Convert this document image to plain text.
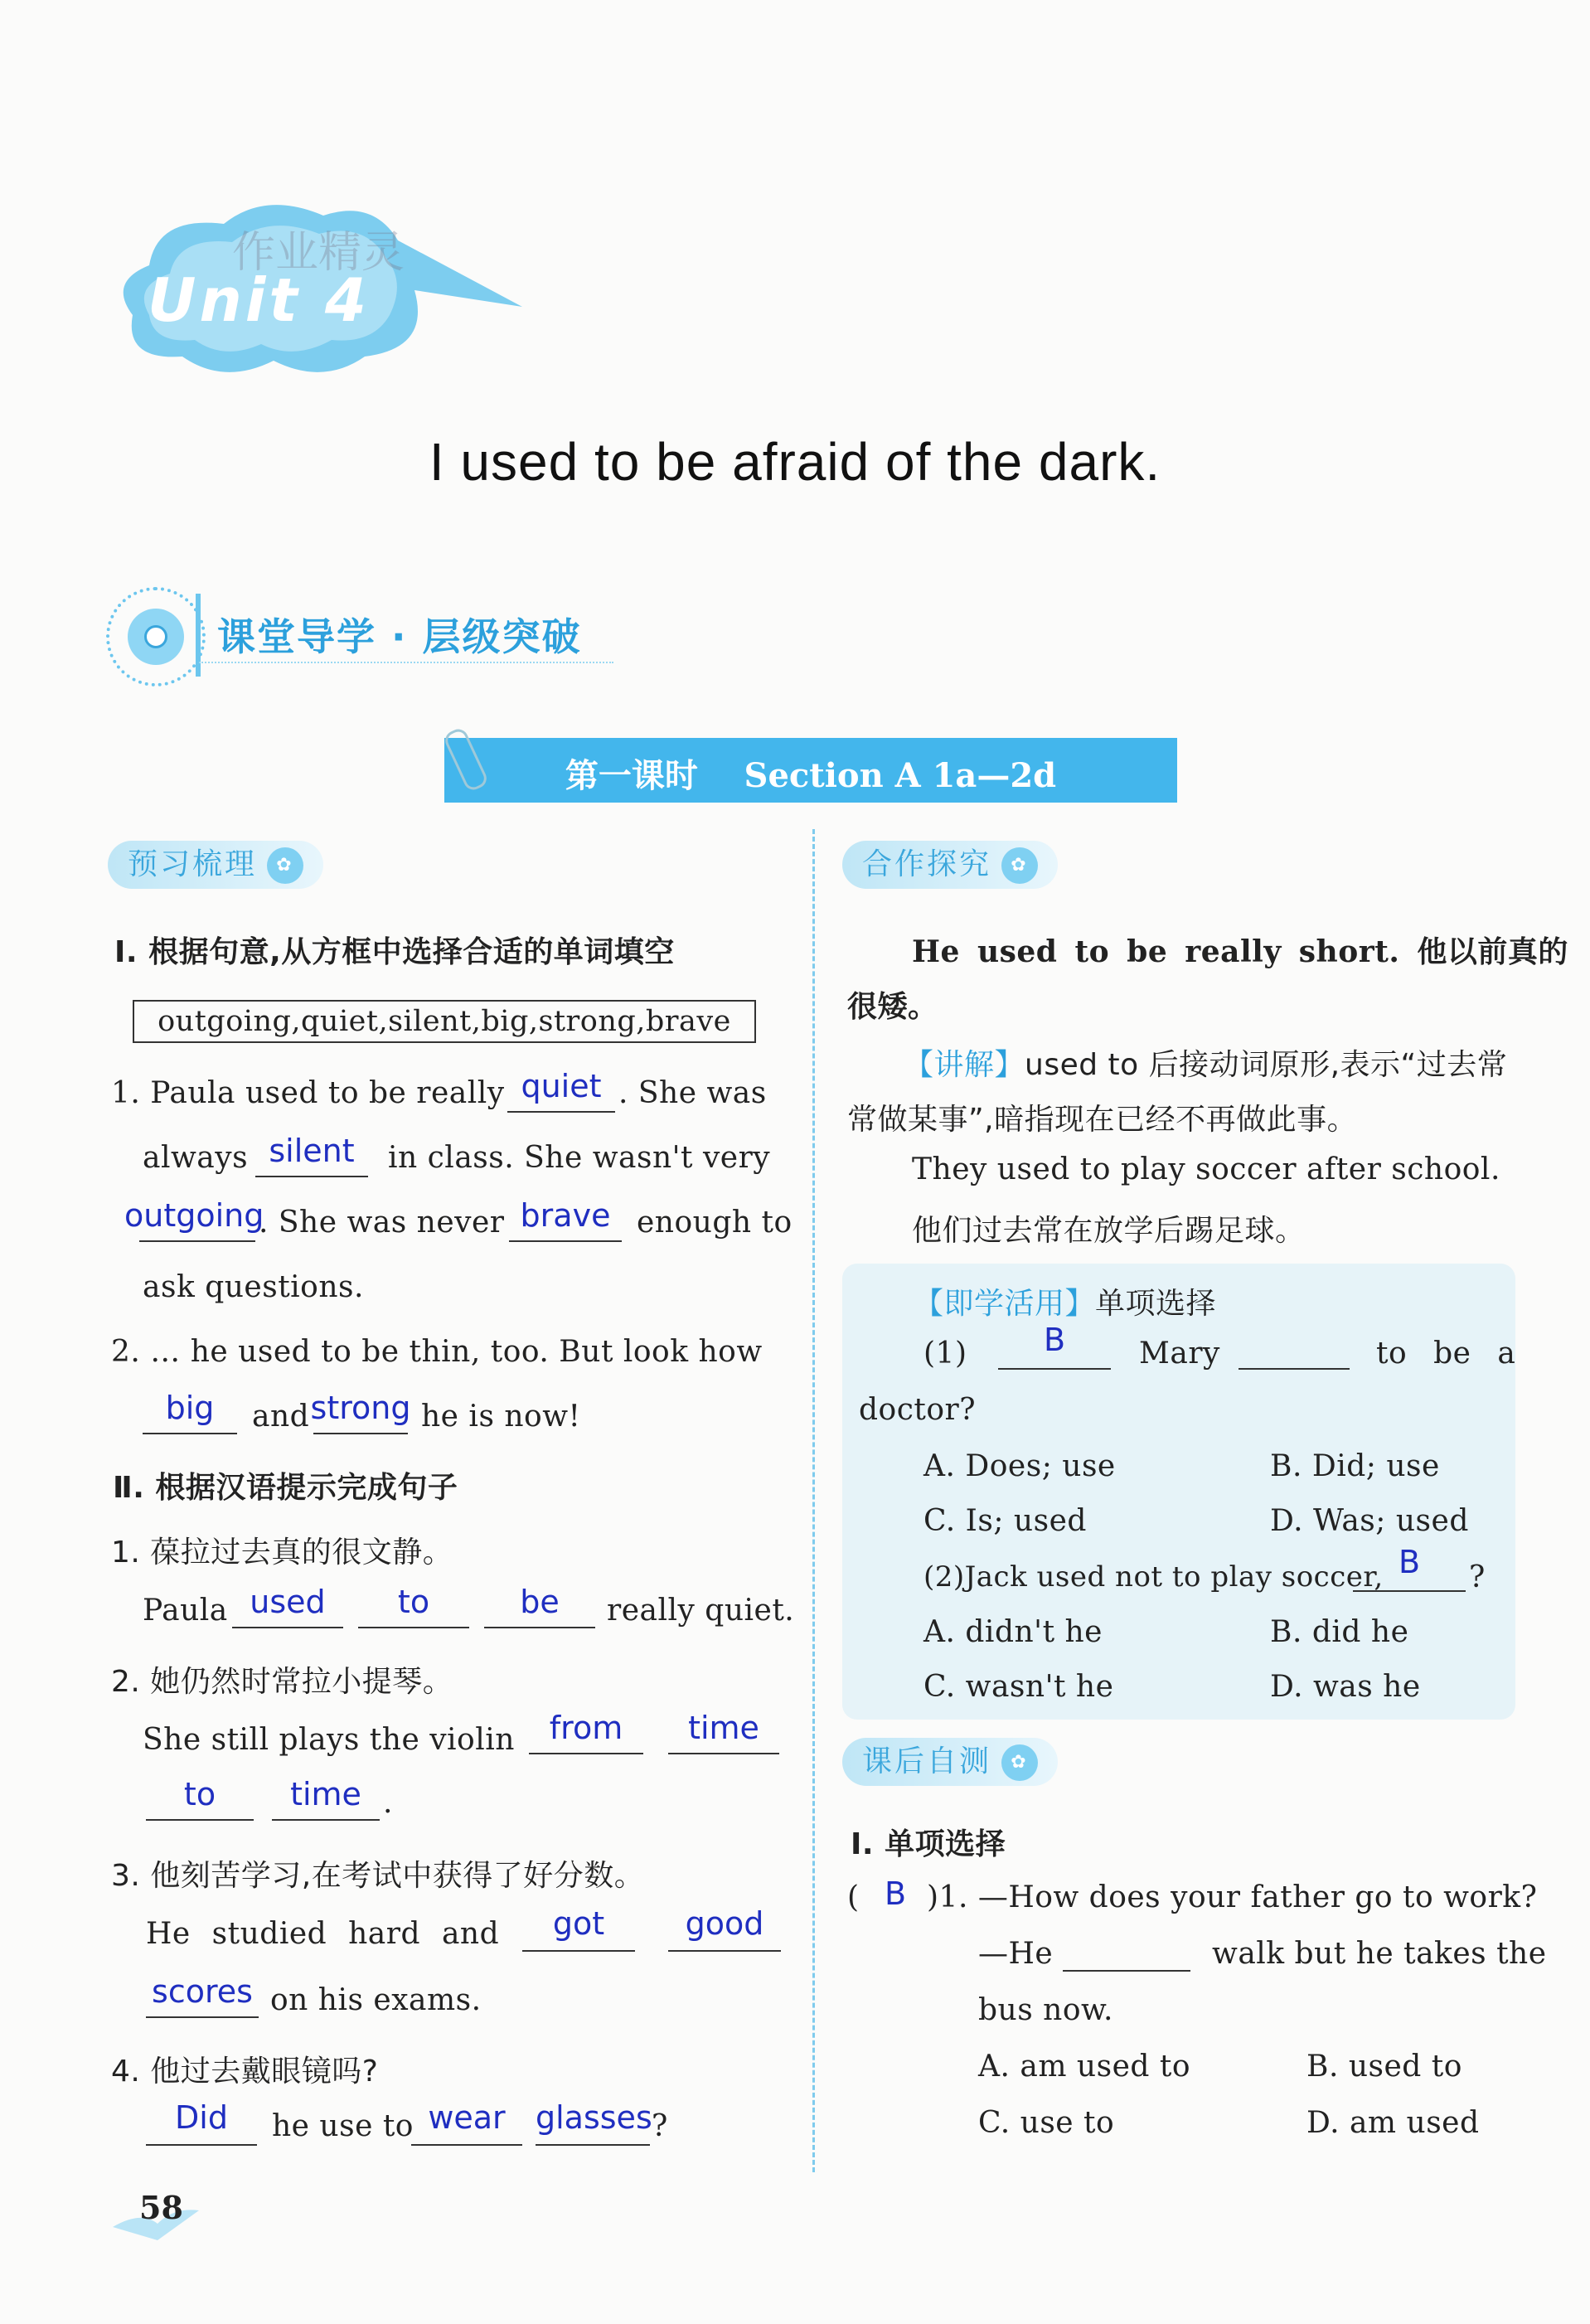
Unit 4
作业精灵
I used to be afraid of the dark.
课堂导学 · 层级突破
第一课时    Section A 1a—2d
预习梳理 ✿
Ⅰ. 根据句意,从方框中选择合适的单词填空
outgoing,quiet,silent,big,strong,brave
1. Paula used to be really quiet . She was
always silent	in class. She wasn't very
outgoing
. She was never brave enough to
ask questions.
2. … he used to be thin, too. But look how
big	and strong he is now!
Ⅱ. 根据汉语提示完成句子
1. 葆拉过去真的很文静。
Paula used	to	be	really quiet.
2. 她仍然时常拉小提琴。
She still plays the violin	from	time
to	time .
3. 他刻苦学习,在考试中获得了好分数。
He studied hard and	got	good
scores on his exams.
4. 他过去戴眼镜吗?
Did	he use to wear glasses ?
合作探究 ✿
He used to be really short. 他以前真的
很矮。
【讲解】used to 后接动词原形,表示“过去常
常做某事”,暗指现在已经不再做此事。
They used to play soccer after school.
他们过去常在放学后踢足球。
【即学活用】单项选择
(1)	B	Mary	to be a
doctor?
A. Does; use	B. Did; use
C. Is; used	D. Was; used
(2)Jack used not to play soccer, B	?
A. didn't he	B. did he
C. wasn't he	D. was he
课后自测 ✿
Ⅰ. 单项选择
( B )1. —How does your father go to work?
—He	walk but he takes the
bus now.
A. am used to	B. used to
C. use to	D. am used
58
